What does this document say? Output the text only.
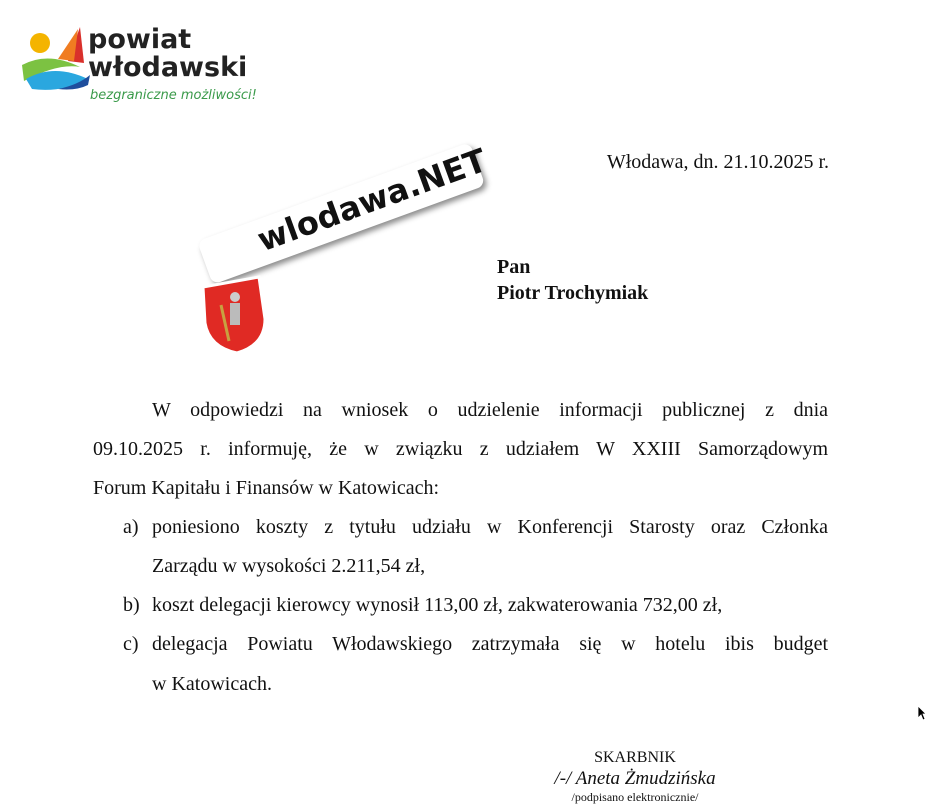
powiat
włodawski
bezgraniczne możliwości!
Włodawa, dn. 21.10.2025 r.
wlodawa.NET
Pan
Piotr Trochymiak
W odpowiedzi na wniosek o udzielenie informacji publicznej z dnia
09.10.2025 r. informuję, że w związku z udziałem W XXIII Samorządowym
Forum Kapitału i Finansów w Katowicach:
a) poniesiono koszty z tytułu udziału w Konferencji Starosty oraz Członka
Zarządu w wysokości 2.211,54 zł,
b) koszt delegacji kierowcy wynosił 113,00 zł, zakwaterowania 732,00 zł,
c) delegacja Powiatu Włodawskiego zatrzymała się w hotelu ibis budget
w Katowicach.
SKARBNIK
/-/ Aneta Żmudzińska
/podpisano elektronicznie/
